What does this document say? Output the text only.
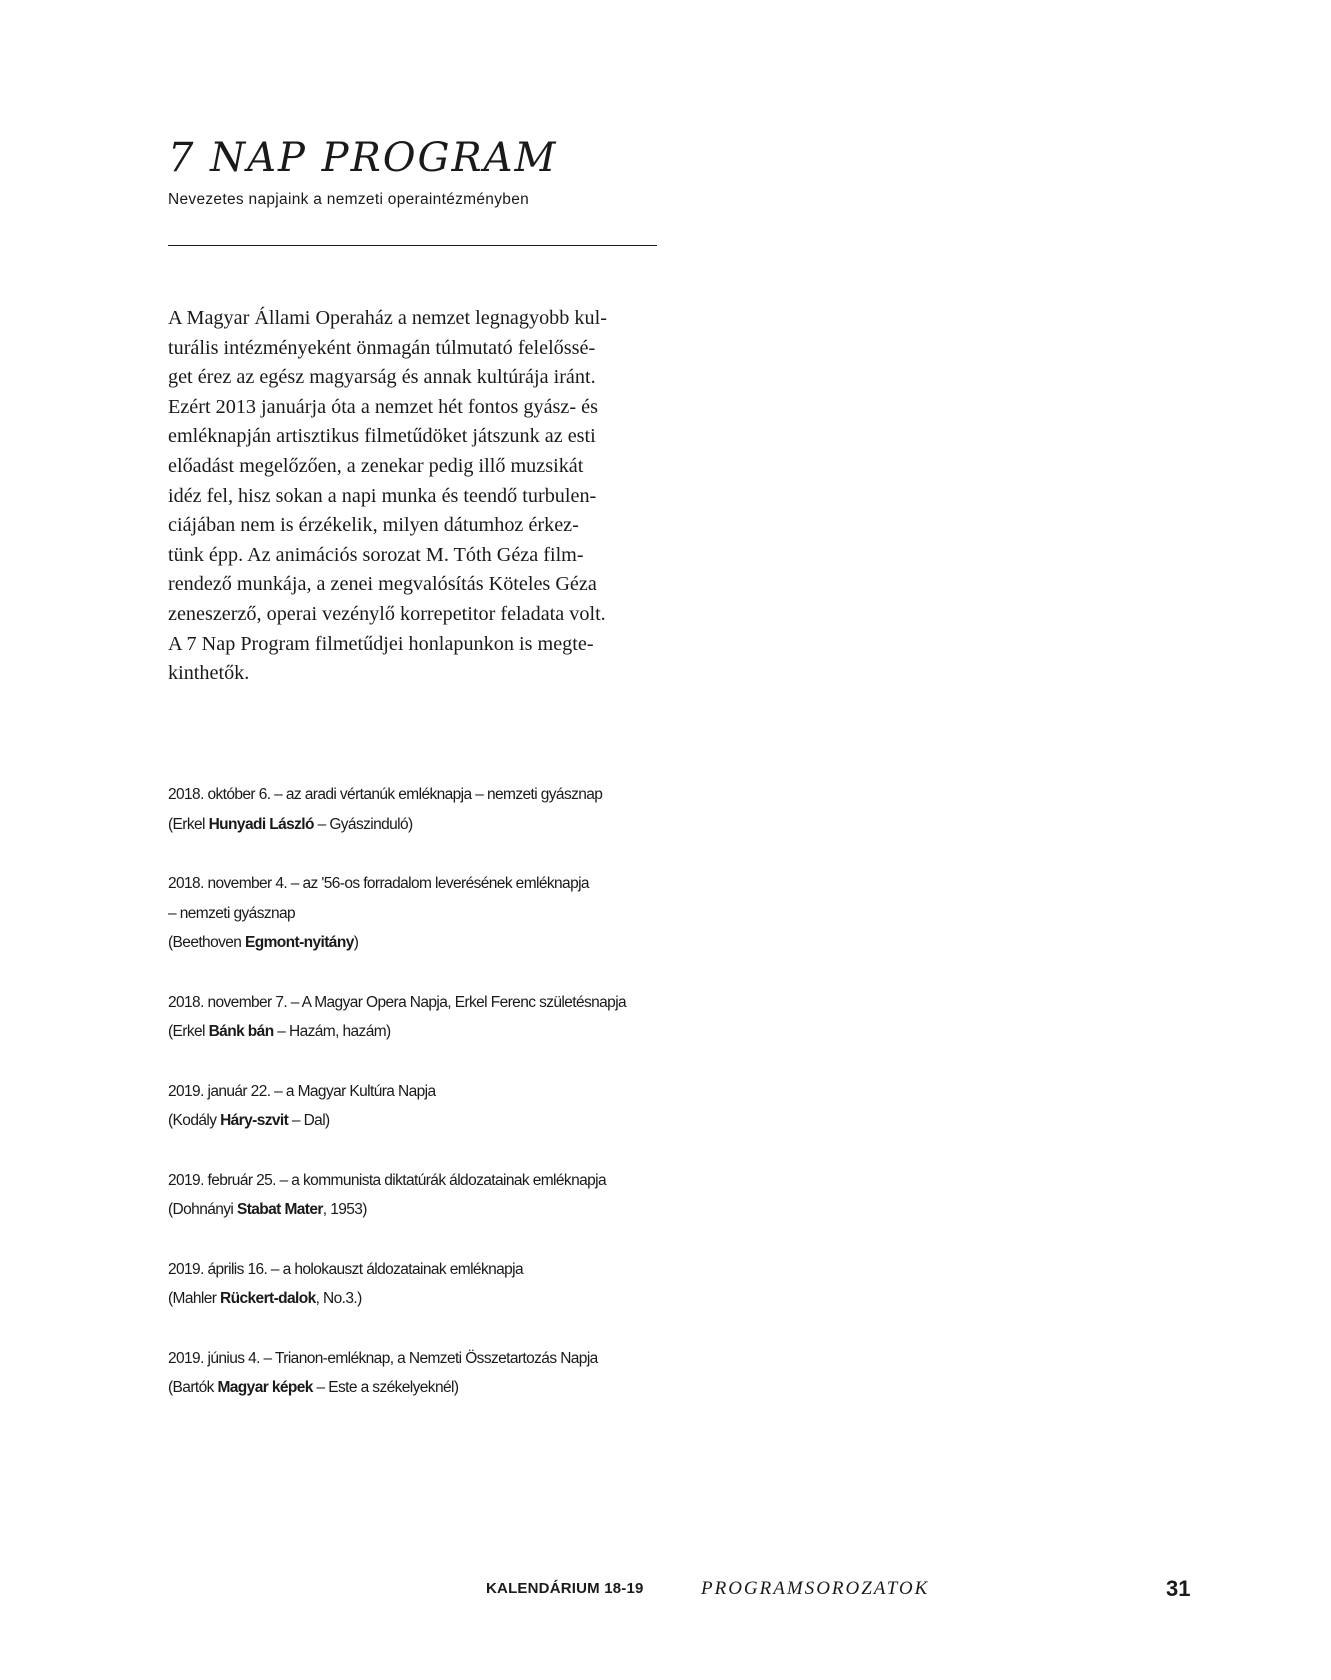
7 NAP PROGRAM

Nevezetes napjaink a nemzeti operaintézményben

A Magyar Állami Operaház a nemzet legnagyobb kul-
turális intézményeként önmagán túlmutató felelőssé-
get érez az egész magyarság és annak kultúrája iránt.
Ezért 2013 januárja óta a nemzet hét fontos gyász- és
emléknapján artisztikus filmetűdöket játszunk az esti
előadást megelőzően, a zenekar pedig illő muzsikát
idéz fel, hisz sokan a napi munka és teendő turbulen-
ciájában nem is érzékelik, milyen dátumhoz érkez-
tünk épp. Az animációs sorozat M. Tóth Géza film-
rendező munkája, a zenei megvalósítás Köteles Géza
zeneszerző, operai vezénylő korrepetitor feladata volt.
A 7 Nap Program filmetűdjei honlapunkon is megte-
kinthetők.

2018. október 6. – az aradi vértanúk emléknapja – nemzeti gyásznap
(Erkel Hunyadi László – Gyászinduló)
2018. november 4. – az '56-os forradalom leverésének emléknapja
– nemzeti gyásznap
(Beethoven Egmont-nyitány)
2018. november 7. – A Magyar Opera Napja, Erkel Ferenc születésnapja
(Erkel Bánk bán – Hazám, hazám)
2019. január 22. – a Magyar Kultúra Napja
(Kodály Háry-szvit – Dal)
2019. február 25. – a kommunista diktatúrák áldozatainak emléknapja
(Dohnányi Stabat Mater, 1953)
2019. április 16. – a holokauszt áldozatainak emléknapja
(Mahler Rückert-dalok, No.3.)
2019. június 4. – Trianon-emléknap, a Nemzeti Összetartozás Napja
(Bartók Magyar képek – Este a székelyeknél)
KALENDÁRIUM 18-19	PROGRAMSOROZATOK	31
